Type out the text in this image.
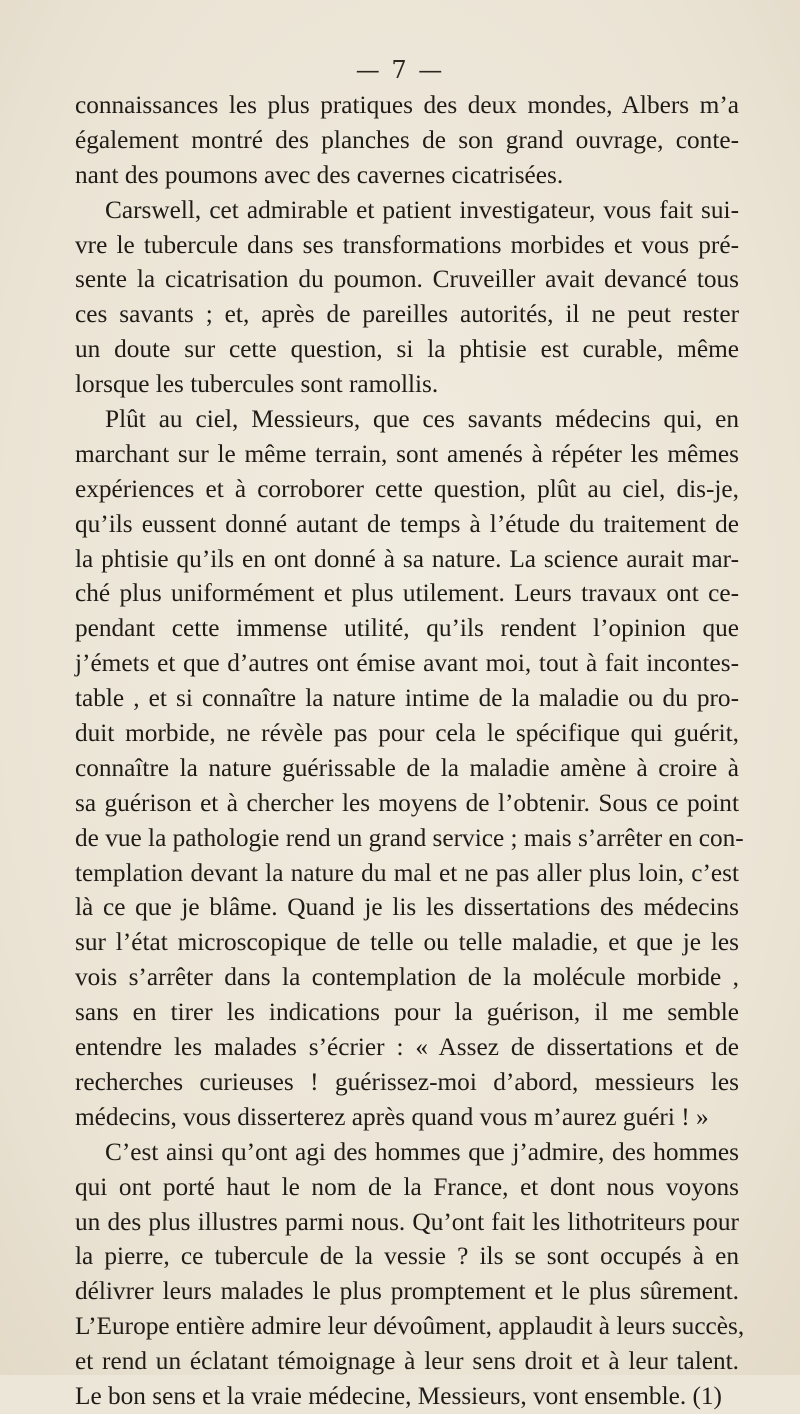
— 7 —
connaissances les plus pratiques des deux mondes, Albers m’a
également montré des planches de son grand ouvrage, conte-
nant des poumons avec des cavernes cicatrisées.
Carswell, cet admirable et patient investigateur, vous fait sui-
vre le tubercule dans ses transformations morbides et vous pré-
sente la cicatrisation du poumon. Cruveiller avait devancé tous
ces savants ; et, après de pareilles autorités, il ne peut rester
un doute sur cette question, si la phtisie est curable, même
lorsque les tubercules sont ramollis.
Plût au ciel, Messieurs, que ces savants médecins qui, en
marchant sur le même terrain, sont amenés à répéter les mêmes
expériences et à corroborer cette question, plût au ciel, dis-je,
qu’ils eussent donné autant de temps à l’étude du traitement de
la phtisie qu’ils en ont donné à sa nature. La science aurait mar-
ché plus uniformément et plus utilement. Leurs travaux ont ce-
pendant cette immense utilité, qu’ils rendent l’opinion que
j’émets et que d’autres ont émise avant moi, tout à fait incontes-
table , et si connaître la nature intime de la maladie ou du pro-
duit morbide, ne révèle pas pour cela le spécifique qui guérit,
connaître la nature guérissable de la maladie amène à croire à
sa guérison et à chercher les moyens de l’obtenir. Sous ce point
de vue la pathologie rend un grand service ; mais s’arrêter en con-
templation devant la nature du mal et ne pas aller plus loin, c’est
là ce que je blâme. Quand je lis les dissertations des médecins
sur l’état microscopique de telle ou telle maladie, et que je les
vois s’arrêter dans la contemplation de la molécule morbide ,
sans en tirer les indications pour la guérison, il me semble
entendre les malades s’écrier : « Assez de dissertations et de
recherches curieuses ! guérissez-moi d’abord, messieurs les
médecins, vous disserterez après quand vous m’aurez guéri ! »
C’est ainsi qu’ont agi des hommes que j’admire, des hommes
qui ont porté haut le nom de la France, et dont nous voyons
un des plus illustres parmi nous. Qu’ont fait les lithotriteurs pour
la pierre, ce tubercule de la vessie ? ils se sont occupés à en
délivrer leurs malades le plus promptement et le plus sûrement.
L’Europe entière admire leur dévoûment, applaudit à leurs succès,
et rend un éclatant témoignage à leur sens droit et à leur talent.
Le bon sens et la vraie médecine, Messieurs, vont ensemble. (1)
